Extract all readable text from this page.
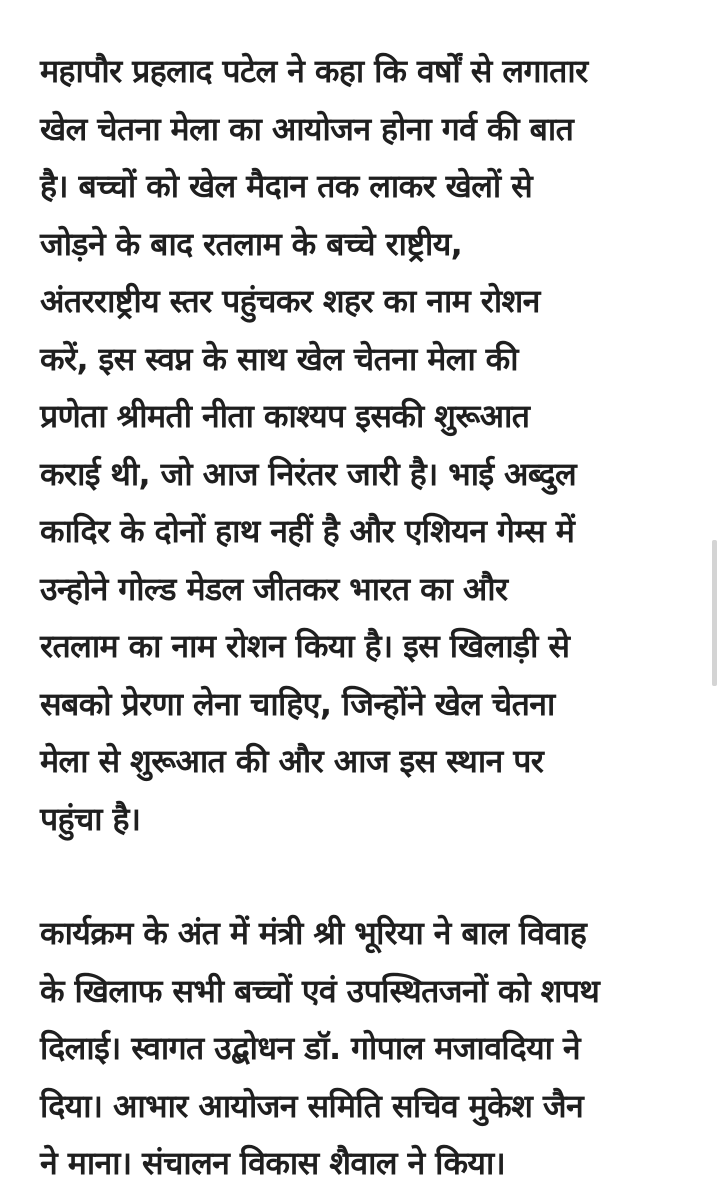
महापौर प्रहलाद पटेल ने कहा कि वर्षों से लगातार
खेल चेतना मेला का आयोजन होना गर्व की बात
है। बच्चों को खेल मैदान तक लाकर खेलों से
जोड़ने के बाद रतलाम के बच्चे राष्ट्रीय,
अंतरराष्ट्रीय स्तर पहुंचकर शहर का नाम रोशन
करें, इस स्वप्न के साथ खेल चेतना मेला की
प्रणेता श्रीमती नीता काश्यप इसकी शुरूआत
कराई थी, जो आज निरंतर जारी है। भाई अब्दुल
कादिर के दोनों हाथ नहीं है और एशियन गेम्स में
उन्होने गोल्ड मेडल जीतकर भारत का और
रतलाम का नाम रोशन किया है। इस खिलाड़ी से
सबको प्रेरणा लेना चाहिए, जिन्होंने खेल चेतना
मेला से शुरूआत की और आज इस स्थान पर
पहुंचा है।

कार्यक्रम के अंत में मंत्री श्री भूरिया ने बाल विवाह
के खिलाफ सभी बच्चों एवं उपस्थितजनों को शपथ
दिलाई। स्वागत उद्बोधन डॉ. गोपाल मजावदिया ने
दिया। आभार आयोजन समिति सचिव मुकेश जैन
ने माना। संचालन विकास शैवाल ने किया।
